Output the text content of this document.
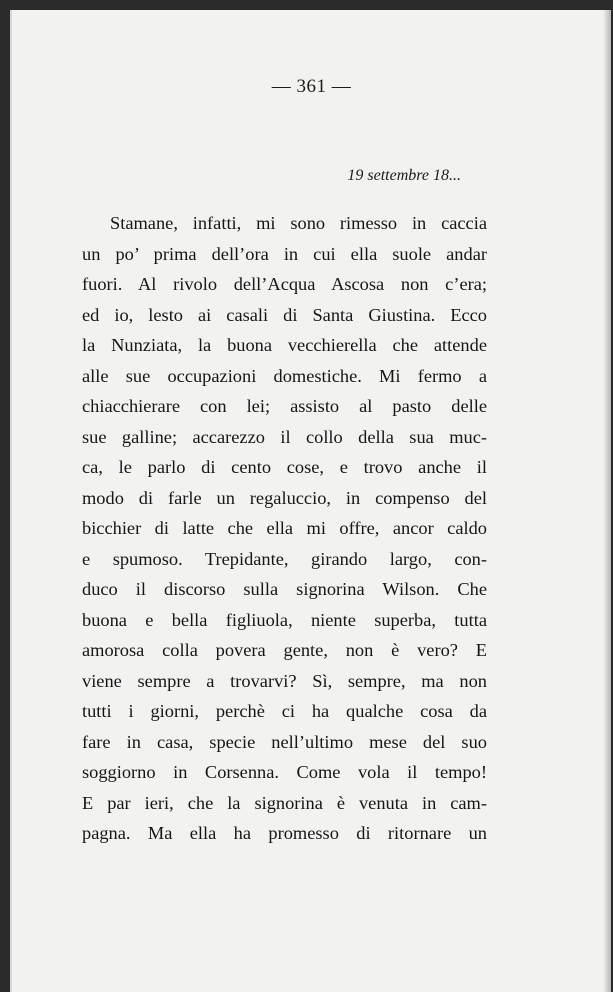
— 361 —
19 settembre 18...
Stamane, infatti, mi sono rimesso in caccia
un po’ prima dell’ora in cui ella suole andar
fuori. Al rivolo dell’Acqua Ascosa non c’era;
ed io, lesto ai casali di Santa Giustina. Ecco
la Nunziata, la buona vecchierella che attende
alle sue occupazioni domestiche. Mi fermo a
chiacchierare con lei; assisto al pasto delle
sue galline; accarezzo il collo della sua muc-
ca, le parlo di cento cose, e trovo anche il
modo di farle un regaluccio, in compenso del
bicchier di latte che ella mi offre, ancor caldo
e spumoso. Trepidante, girando largo, con-
duco il discorso sulla signorina Wilson. Che
buona e bella figliuola, niente superba, tutta
amorosa colla povera gente, non è vero? E
viene sempre a trovarvi? Sì, sempre, ma non
tutti i giorni, perchè ci ha qualche cosa da
fare in casa, specie nell’ultimo mese del suo
soggiorno in Corsenna. Come vola il tempo!
E par ieri, che la signorina è venuta in cam-
pagna. Ma ella ha promesso di ritornare un
